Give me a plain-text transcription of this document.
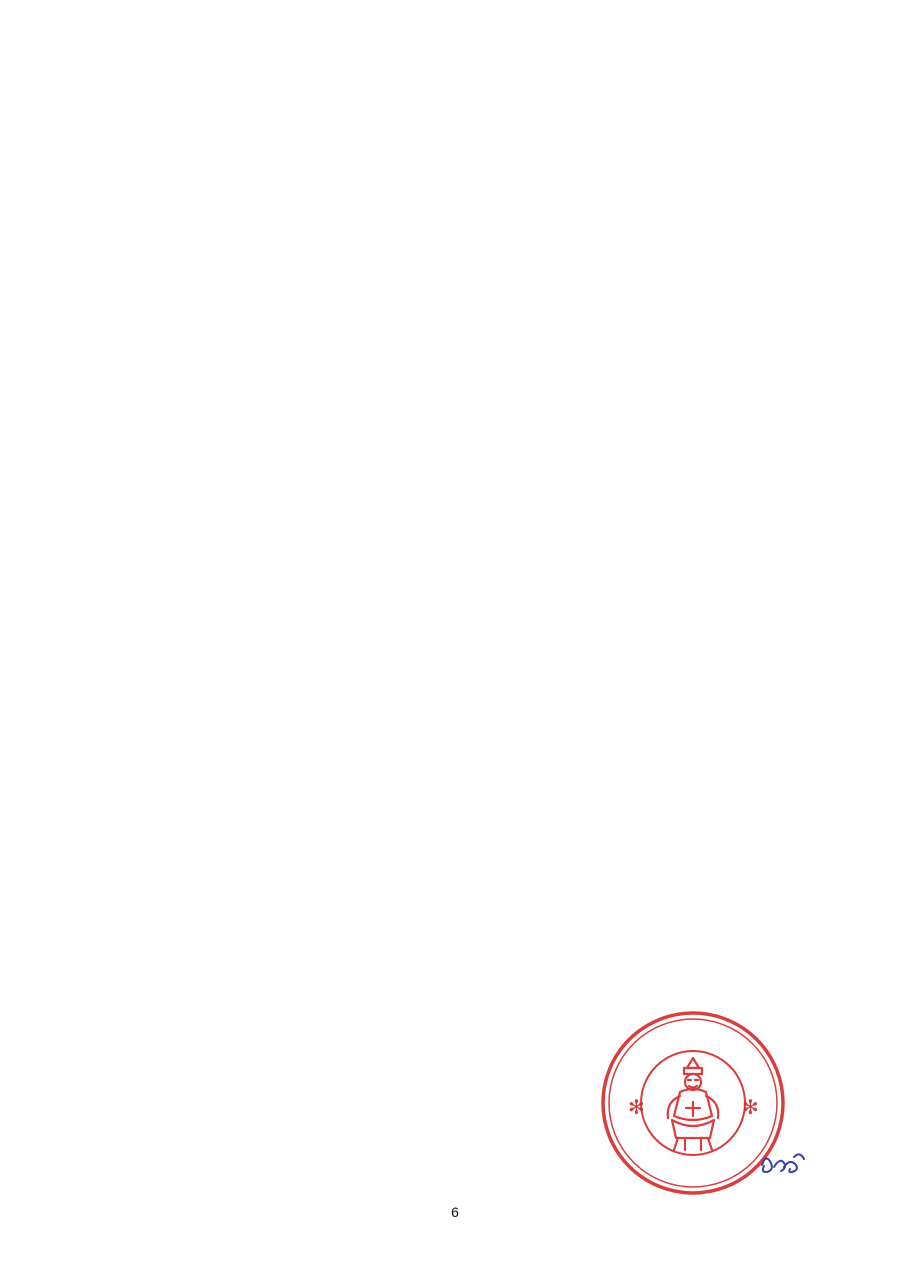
✻	✻
6
